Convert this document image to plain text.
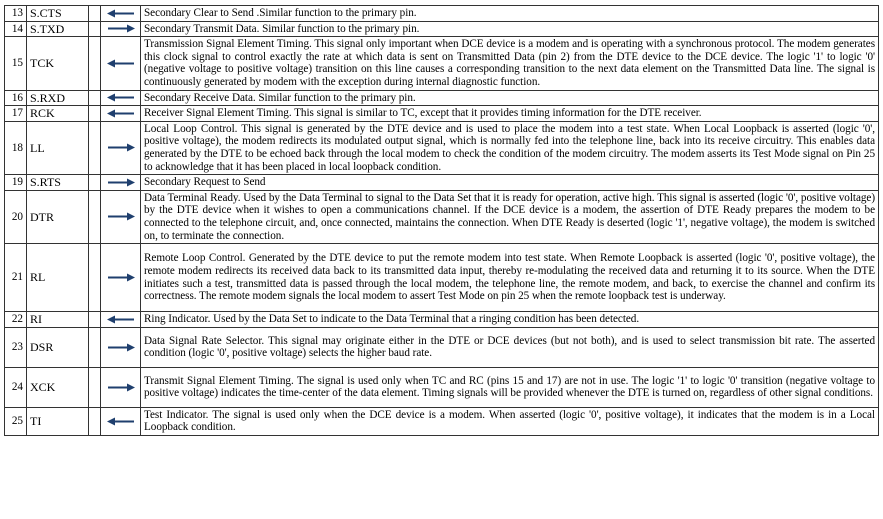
13	S.CTS			Secondary Clear to Send .Similar function to the primary pin.
14	S.TXD			Secondary Transmit Data. Similar function to the primary pin.
15	TCK			Transmission Signal Element Timing. This signal only important when DCE device is a modem and is operating with a synchronous protocol. The modem generates this clock signal to control exactly the rate at which data is sent on Transmitted Data (pin 2) from the DTE device to the DCE device. The logic '1' to logic '0' (negative voltage to positive voltage) transition on this line causes a corresponding transition to the next data element on the Transmitted Data line. The signal is continuously generated by modem with the exception during internal diagnostic function.
16	S.RXD			Secondary Receive Data. Similar function to the primary pin.
17	RCK			Receiver Signal Element Timing. This signal is similar to TC, except that it provides timing information for the DTE receiver.
18	LL			Local Loop Control. This signal is generated by the DTE device and is used to place the modem into a test state. When Local Loopback is asserted (logic '0', positive voltage), the modem redirects its modulated output signal, which is normally fed into the telephone line, back into its receive circuitry. This enables data generated by the DTE to be echoed back through the local modem to check the condition of the modem circuitry. The modem asserts its Test Mode signal on Pin 25 to acknowledge that it has been placed in local loopback condition.
19	S.RTS			Secondary Request to Send
20	DTR			Data Terminal Ready. Used by the Data Terminal to signal to the Data Set that it is ready for operation, active high. This signal is asserted (logic '0', positive voltage) by the DTE device when it wishes to open a communications channel. If the DCE device is a modem, the assertion of DTE Ready prepares the modem to be connected to the telephone circuit, and, once connected, maintains the connection. When DTE Ready is deserted (logic '1', negative voltage), the modem is switched on, to terminate the connection.
21	RL			Remote Loop Control. Generated by the DTE device to put the remote modem into test state. When Remote Loopback is asserted (logic '0', positive voltage), the remote modem redirects its received data back to its transmitted data input, thereby re-modulating the received data and returning it to its source. When the DTE initiates such a test, transmitted data is passed through the local modem, the telephone line, the remote modem, and back, to exercise the channel and confirm its correctness. The remote modem signals the local modem to assert Test Mode on pin 25 when the remote loopback test is underway.
22	RI			Ring Indicator. Used by the Data Set to indicate to the Data Terminal that a ringing condition has been detected.
23	DSR			Data Signal Rate Selector. This signal may originate either in the DTE or DCE devices (but not both), and is used to select transmission bit rate. The asserted condition (logic '0', positive voltage) selects the higher baud rate.
24	XCK			Transmit Signal Element Timing. The signal is used only when TC and RC (pins 15 and 17) are not in use. The logic '1' to logic '0' transition (negative voltage to positive voltage) indicates the time-center of the data element. Timing signals will be provided whenever the DTE is turned on, regardless of other signal conditions.
25	TI			Test Indicator. The signal is used only when the DCE device is a modem. When asserted (logic '0', positive voltage), it indicates that the modem is in a Local Loopback condition.
